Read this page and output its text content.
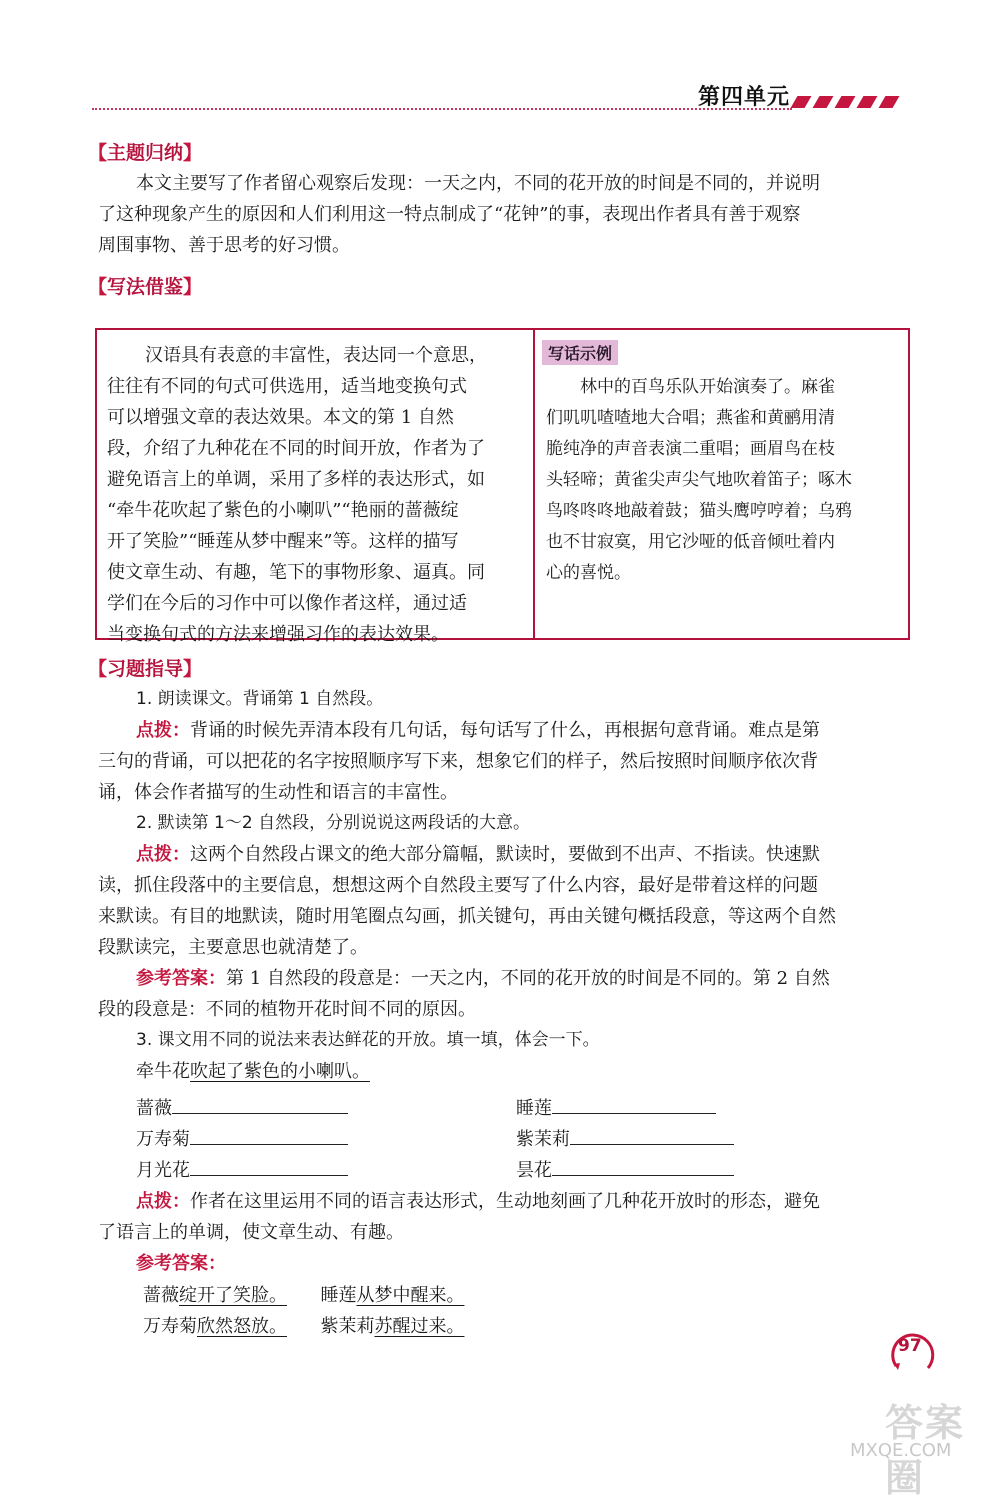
第四单元
【主题归纳】
本文主要写了作者留心观察后发现：一天之内，不同的花开放的时间是不同的，并说明
了这种现象产生的原因和人们利用这一特点制成了“花钟”的事，表现出作者具有善于观察
周围事物、善于思考的好习惯。
【写法借鉴】
汉语具有表意的丰富性，表达同一个意思，
往往有不同的句式可供选用，适当地变换句式
可以增强文章的表达效果。本文的第 1 自然
段，介绍了九种花在不同的时间开放，作者为了
避免语言上的单调，采用了多样的表达形式，如
“牵牛花吹起了紫色的小喇叭”“艳丽的蔷薇绽
开了笑脸”“睡莲从梦中醒来”等。这样的描写
使文章生动、有趣，笔下的事物形象、逼真。同
学们在今后的习作中可以像作者这样，通过适
当变换句式的方法来增强习作的表达效果。
写话示例
林中的百鸟乐队开始演奏了。麻雀
们叽叽喳喳地大合唱；燕雀和黄鹂用清
脆纯净的声音表演二重唱；画眉鸟在枝
头轻啼；黄雀尖声尖气地吹着笛子；啄木
鸟咚咚咚地敲着鼓；猫头鹰哼哼着；乌鸦
也不甘寂寞，用它沙哑的低音倾吐着内
心的喜悦。
【习题指导】
1. 朗读课文。背诵第 1 自然段。
点拨：背诵的时候先弄清本段有几句话，每句话写了什么，再根据句意背诵。难点是第
三句的背诵，可以把花的名字按照顺序写下来，想象它们的样子，然后按照时间顺序依次背
诵，体会作者描写的生动性和语言的丰富性。
2. 默读第 1～2 自然段，分别说说这两段话的大意。
点拨：这两个自然段占课文的绝大部分篇幅，默读时，要做到不出声、不指读。快速默
读，抓住段落中的主要信息，想想这两个自然段主要写了什么内容，最好是带着这样的问题
来默读。有目的地默读，随时用笔圈点勾画，抓关键句，再由关键句概括段意，等这两个自然
段默读完，主要意思也就清楚了。
参考答案：第 1 自然段的段意是：一天之内，不同的花开放的时间是不同的。第 2 自然
段的段意是：不同的植物开花时间不同的原因。
3. 课文用不同的说法来表达鲜花的开放。填一填，体会一下。
牵牛花吹起了紫色的小喇叭。
蔷薇
万寿菊
月光花
睡莲
紫茉莉
昙花
点拨：作者在这里运用不同的语言表达形式，生动地刻画了几种花开放时的形态，避免
了语言上的单调，使文章生动、有趣。
参考答案：
蔷薇绽开了笑脸。 睡莲从梦中醒来。
万寿菊欣然怒放。 紫茉莉苏醒过来。
97
答案圈
MXQE.COM
